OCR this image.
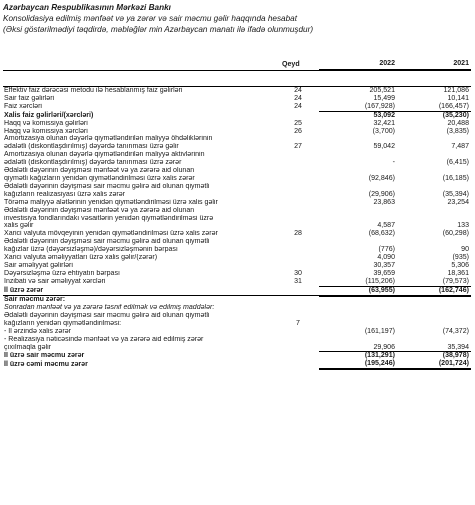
Azərbaycan Respublikasının Mərkəzi Bankı
Konsolidasiya edilmiş mənfəət və ya zərər və sair məcmu gəlir haqqında hesabat
(Əksi göstərilmədiyi təqdirdə, məbləğlər min Azərbaycan manatı ilə ifadə olunmuşdur)
	Qeyd	2022	2021

Effektiv faiz dərəcəsi metodu ilə hesablanmış faiz gəlirləri	24	205,521	121,086
Sair faiz gəlirləri	24	15,499	10,141
Faiz xərcləri	24	(167,928)	(166,457)
Xalis faiz gəlirləri/(xərcləri)		53,092	(35,230)
Haqq və komissiya gəlirləri	25	32,421	20,488
Haqq və komissiya xərcləri	26	(3,700)	(3,835)
Amortizasiya olunan dəyərlə qiymətləndirilən maliyyə öhdəliklərinin			
ədalətli (diskontlaşdırılmış) dəyərdə tanınması üzrə gəlir	27	59,042	7,487
Amortizasiya olunan dəyərlə qiymətləndirilən maliyyə aktivlərinin			
ədalətli (diskontlaşdırılmış) dəyərdə tanınması üzrə zərər		-	(6,415)
Ədalətli dəyərinin dəyişməsi mənfəət və ya zərərə aid olunan			
qiymətli kağızların yenidən qiymətləndirilməsi üzrə xalis zərər		(92,846)	(16,185)
Ədalətli dəyərinin dəyişməsi sair məcmu gəlirə aid olunan qiymətli			
kağızların realizasiyası üzrə xalis zərər		(29,906)	(35,394)
Törəmə maliyyə alətlərinin yenidən qiymətləndirilməsi üzrə xalis gəlir		23,863	23,254
Ədalətli dəyərinin dəyişməsi mənfəət və ya zərərə aid olunan			
investisiya fondlarındakı vəsaitlərin yenidən qiymətləndirilməsi üzrə			
xalis gəlir		4,587	133
Xarici valyuta mövqeyinin yenidən qiymətləndirilməsi üzrə xalis zərər	28	(68,632)	(60,298)
Ədalətli dəyərinin dəyişməsi sair məcmu gəlirə aid olunan qiymətli			
kağızlar üzrə (dəyərsizləşmə)/dəyərsizləşmənin bərpası		(776)	90
Xarici valyuta əməliyyatları üzrə xalis gəlir/(zərər)		4,090	(935)
Sair əməliyyat gəlirləri		30,357	5,306
Dəyərsizləşmə üzrə ehtiyatın bərpası	30	39,659	18,361
İnzibati və sair əməliyyat xərcləri	31	(115,206)	(79,573)
İl üzrə zərər		(63,955)	(162,746)
Sair məcmu zərər:			
Sonradan mənfəət və ya zərərə təsnif edilmək və edilmiş maddələr:			
Ədalətli dəyərinin dəyişməsi sair məcmu gəlirə aid olunan qiymətli			
kağızların yenidən qiymətləndirilməsi:	7		
- İl ərzində xalis zərər		(161,197)	(74,372)
- Realizasiya nəticəsində mənfəət və ya zərərə aid edilmiş zərər			
çıxılmaqla gəlir		29,906	35,394
İl üzrə sair məcmu zərər		(131,291)	(38,978)
İl üzrə cəmi məcmu zərər		(195,246)	(201,724)
